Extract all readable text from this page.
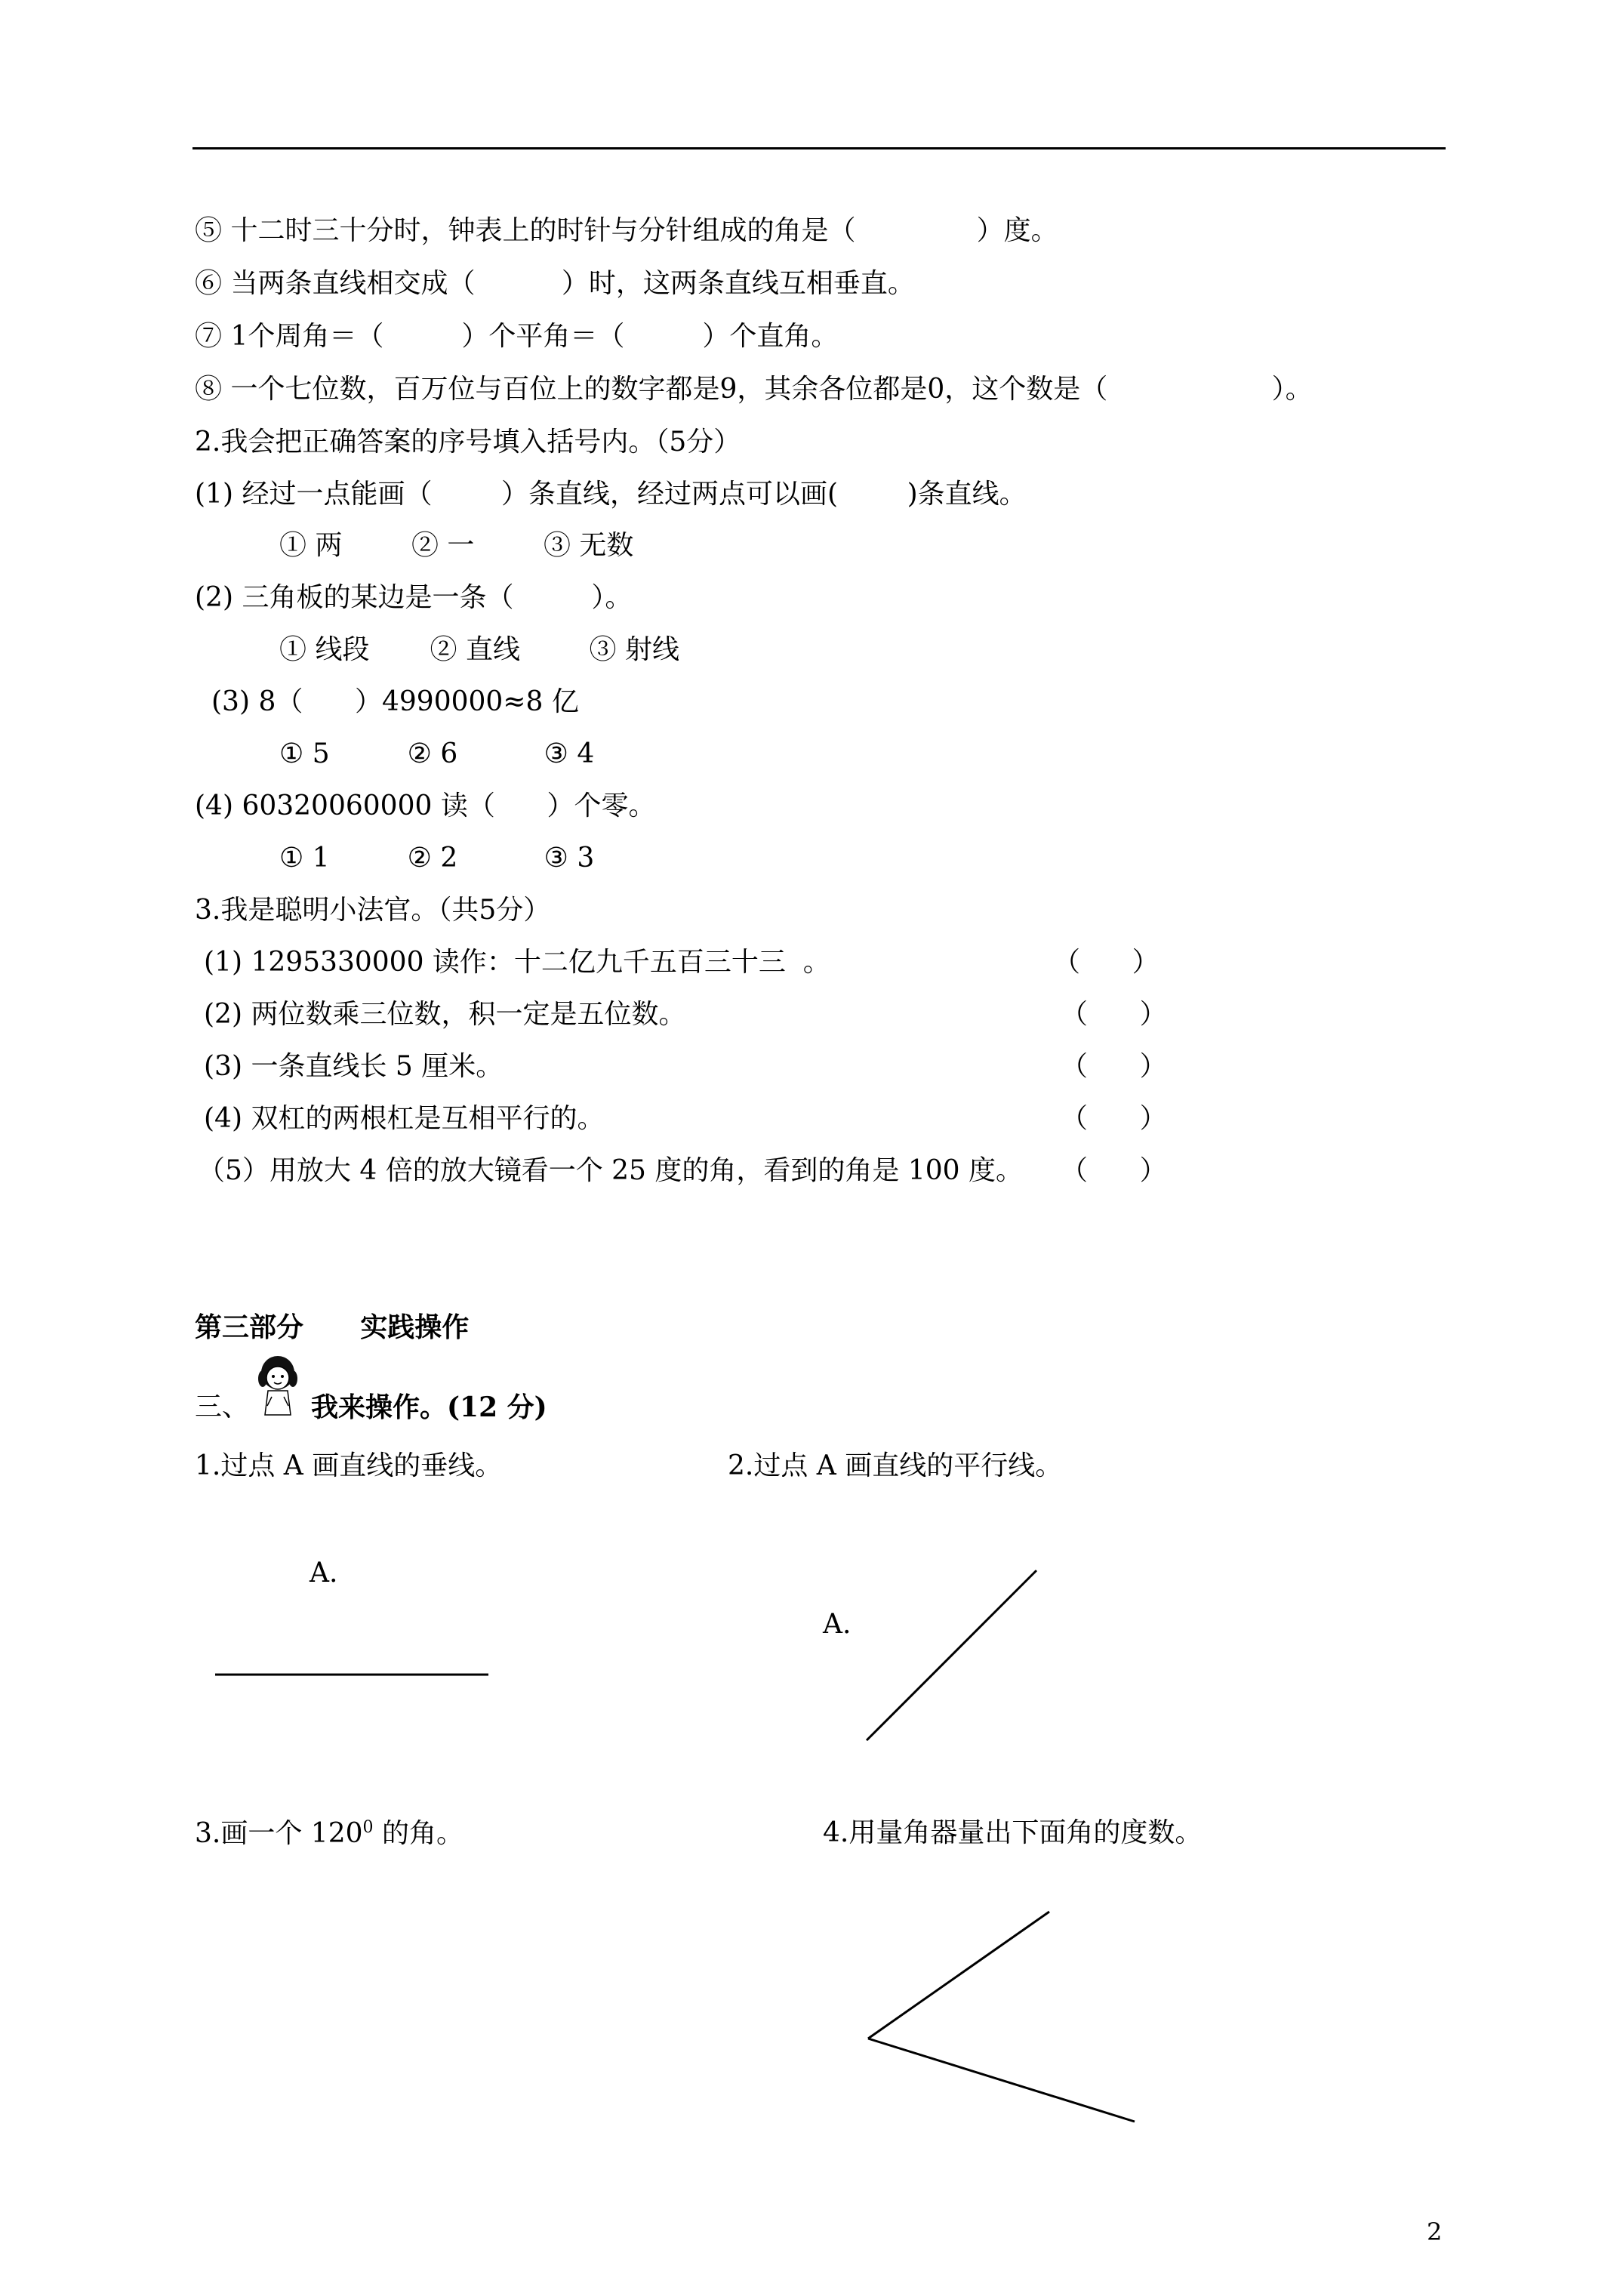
⑤ 十二时三十分时，钟表上的时针与分针组成的角是（              ）度。
⑥ 当两条直线相交成（          ）时，这两条直线互相垂直。
⑦ 1个周角＝（         ）个平角＝（         ）个直角。
⑧ 一个七位数，百万位与百位上的数字都是9，其余各位都是0，这个数是（                   ）。
2.我会把正确答案的序号填入括号内。（5分）
(1) 经过一点能画（        ）条直线，经过两点可以画(        )条直线。
① 两        ② 一        ③ 无数
(2) 三角板的某边是一条（         ）。
① 线段       ② 直线        ③ 射线
(3) 8（      ）4990000≈8 亿
① 5         ② 6          ③ 4
(4) 60320060000 读（      ）个零。
① 1         ② 2          ③ 3
3.我是聪明小法官。（共5分）
(1) 1295330000 读作：十二亿九千五百三十三  。	（      ）
(2) 两位数乘三位数，积一定是五位数。	（      ）
(3) 一条直线长 5 厘米。	（      ）
(4) 双杠的两根杠是互相平行的。	（      ）
（5）用放大 4 倍的放大镜看一个 25 度的角，看到的角是 100 度。 （      ）
第三部分      实践操作
三、 我来操作。(12 分)
1.过点 A 画直线的垂线。	2.过点 A 画直线的平行线。
A.
A.
3.画一个 $120^0$ 的角。	4.用量角器量出下面角的度数。
2
